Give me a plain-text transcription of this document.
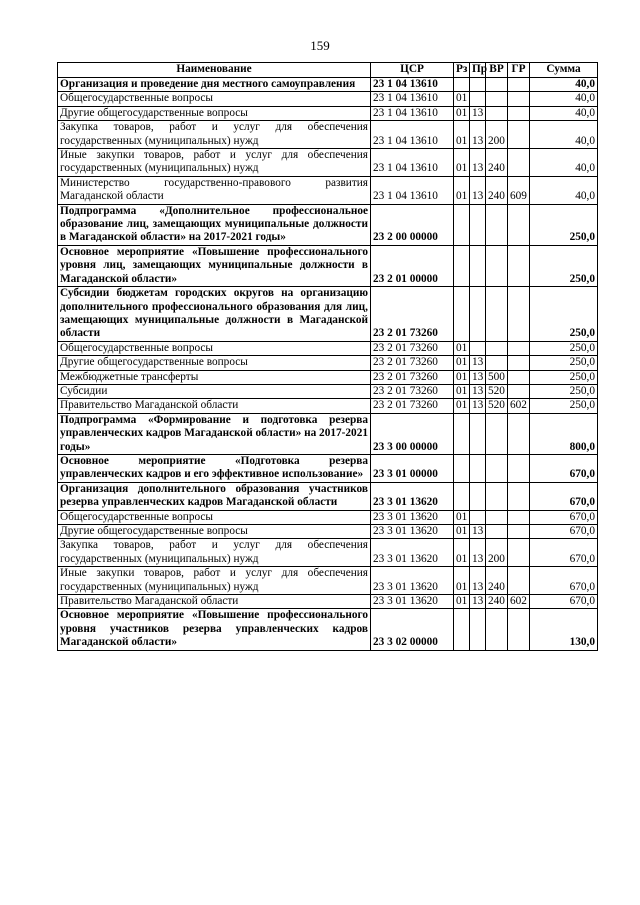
159
Наименование	ЦСР	Рз	Пр	ВР	ГР	Сумма
Организация и проведение дня местного самоуправления	23 1 04 13610					40,0
Общегосударственные вопросы	23 1 04 13610	01				40,0
Другие общегосударственные вопросы	23 1 04 13610	01	13			40,0
Закупка товаров, работ и услуг для обеспечения государственных (муниципальных) нужд	23 1 04 13610	01	13	200		40,0
Иные закупки товаров, работ и услуг для обеспечения государственных (муниципальных) нужд	23 1 04 13610	01	13	240		40,0
Министерство государственно-правового развития Магаданской области	23 1 04 13610	01	13	240	609	40,0
Подпрограмма «Дополнительное профессиональное образование лиц, замещающих муниципальные должности в Магаданской области» на 2017-2021 годы»	23 2 00 00000					250,0
Основное мероприятие «Повышение профессионального уровня лиц, замещающих муниципальные должности в Магаданской области»	23 2 01 00000					250,0
Субсидии бюджетам городских округов на организацию дополнительного профессионального образования для лиц, замещающих муниципальные должности в Магаданской области	23 2 01 73260					250,0
Общегосударственные вопросы	23 2 01 73260	01				250,0
Другие общегосударственные вопросы	23 2 01 73260	01	13			250,0
Межбюджетные трансферты	23 2 01 73260	01	13	500		250,0
Субсидии	23 2 01 73260	01	13	520		250,0
Правительство Магаданской области	23 2 01 73260	01	13	520	602	250,0
Подпрограмма «Формирование и подготовка резерва управленческих кадров Магаданской области» на 2017-2021 годы»	23 3 00 00000					800,0
Основное мероприятие «Подготовка резерва управленческих кадров и его эффективное использование»	23 3 01 00000					670,0
Организация дополнительного образования участников резерва управленческих кадров Магаданской области	23 3 01 13620					670,0
Общегосударственные вопросы	23 3 01 13620	01				670,0
Другие общегосударственные вопросы	23 3 01 13620	01	13			670,0
Закупка товаров, работ и услуг для обеспечения государственных (муниципальных) нужд	23 3 01 13620	01	13	200		670,0
Иные закупки товаров, работ и услуг для обеспечения государственных (муниципальных) нужд	23 3 01 13620	01	13	240		670,0
Правительство Магаданской области	23 3 01 13620	01	13	240	602	670,0
Основное мероприятие «Повышение профессионального уровня участников резерва управленческих кадров Магаданской области»	23 3 02 00000					130,0
